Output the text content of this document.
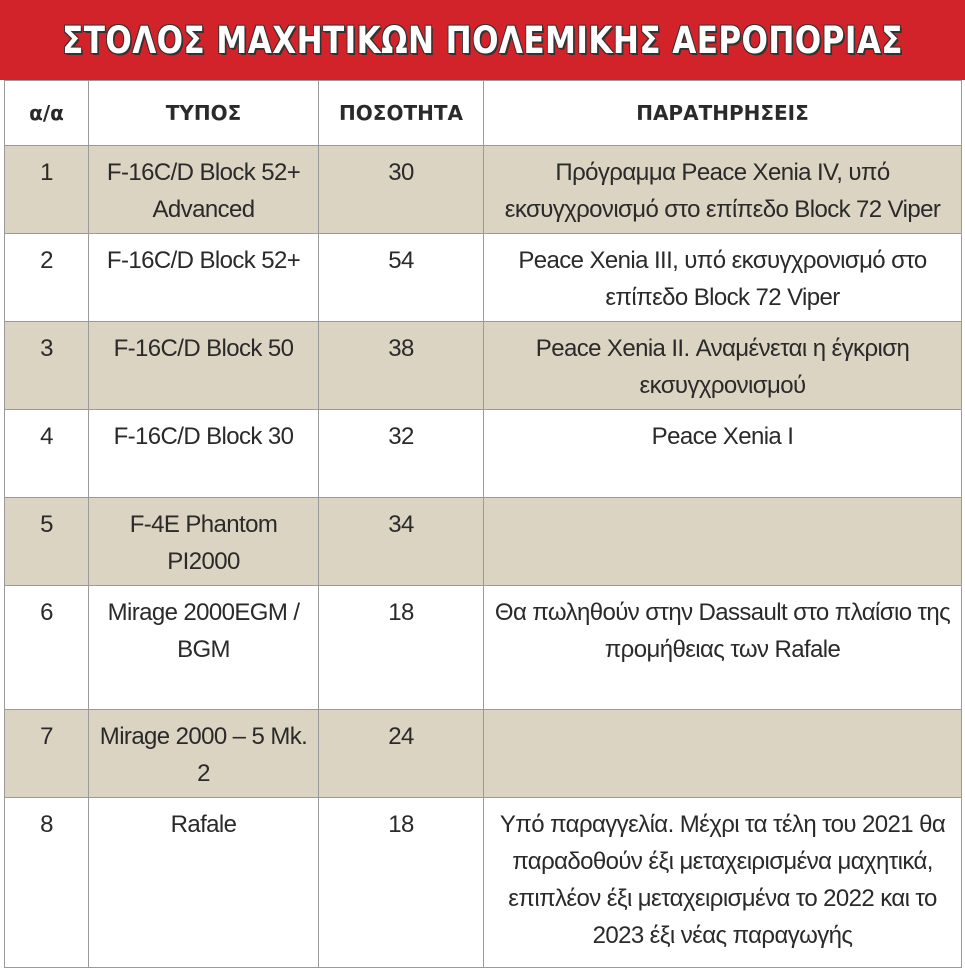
ΣΤΟΛΟΣ ΜΑΧΗΤΙΚΩΝ ΠΟΛΕΜΙΚΗΣ ΑΕΡΟΠΟΡΙΑΣ
α/α	ΤΥΠΟΣ	ΠΟΣΟΤΗΤΑ	ΠΑΡΑΤΗΡΗΣΕΙΣ
1	F-16C/D Block 52+ Advanced	30	Πρόγραμμα Peace Xenia IV, υπό εκσυγχρονισμό στο επίπεδο Block 72 Viper
2	F-16C/D Block 52+	54	Peace Xenia III, υπό εκσυγχρονισμό στο επίπεδο Block 72 Viper
3	F-16C/D Block 50	38	Peace Xenia II. Αναμένεται η έγκριση εκσυγχρονισμού
4	F-16C/D Block 30	32	Peace Xenia I
5	F-4E Phantom PI2000	34	
6	Mirage 2000EGM / BGM	18	Θα πωληθούν στην Dassault στο πλαίσιο της προμήθειας των Rafale
7	Mirage 2000 – 5 Mk. 2	24	
8	Rafale	18	Υπό παραγγελία. Μέχρι τα τέλη του 2021 θα παραδοθούν έξι μεταχειρισμένα μαχητικά, επιπλέον έξι μεταχειρισμένα το 2022 και το 2023 έξι νέας παραγωγής
